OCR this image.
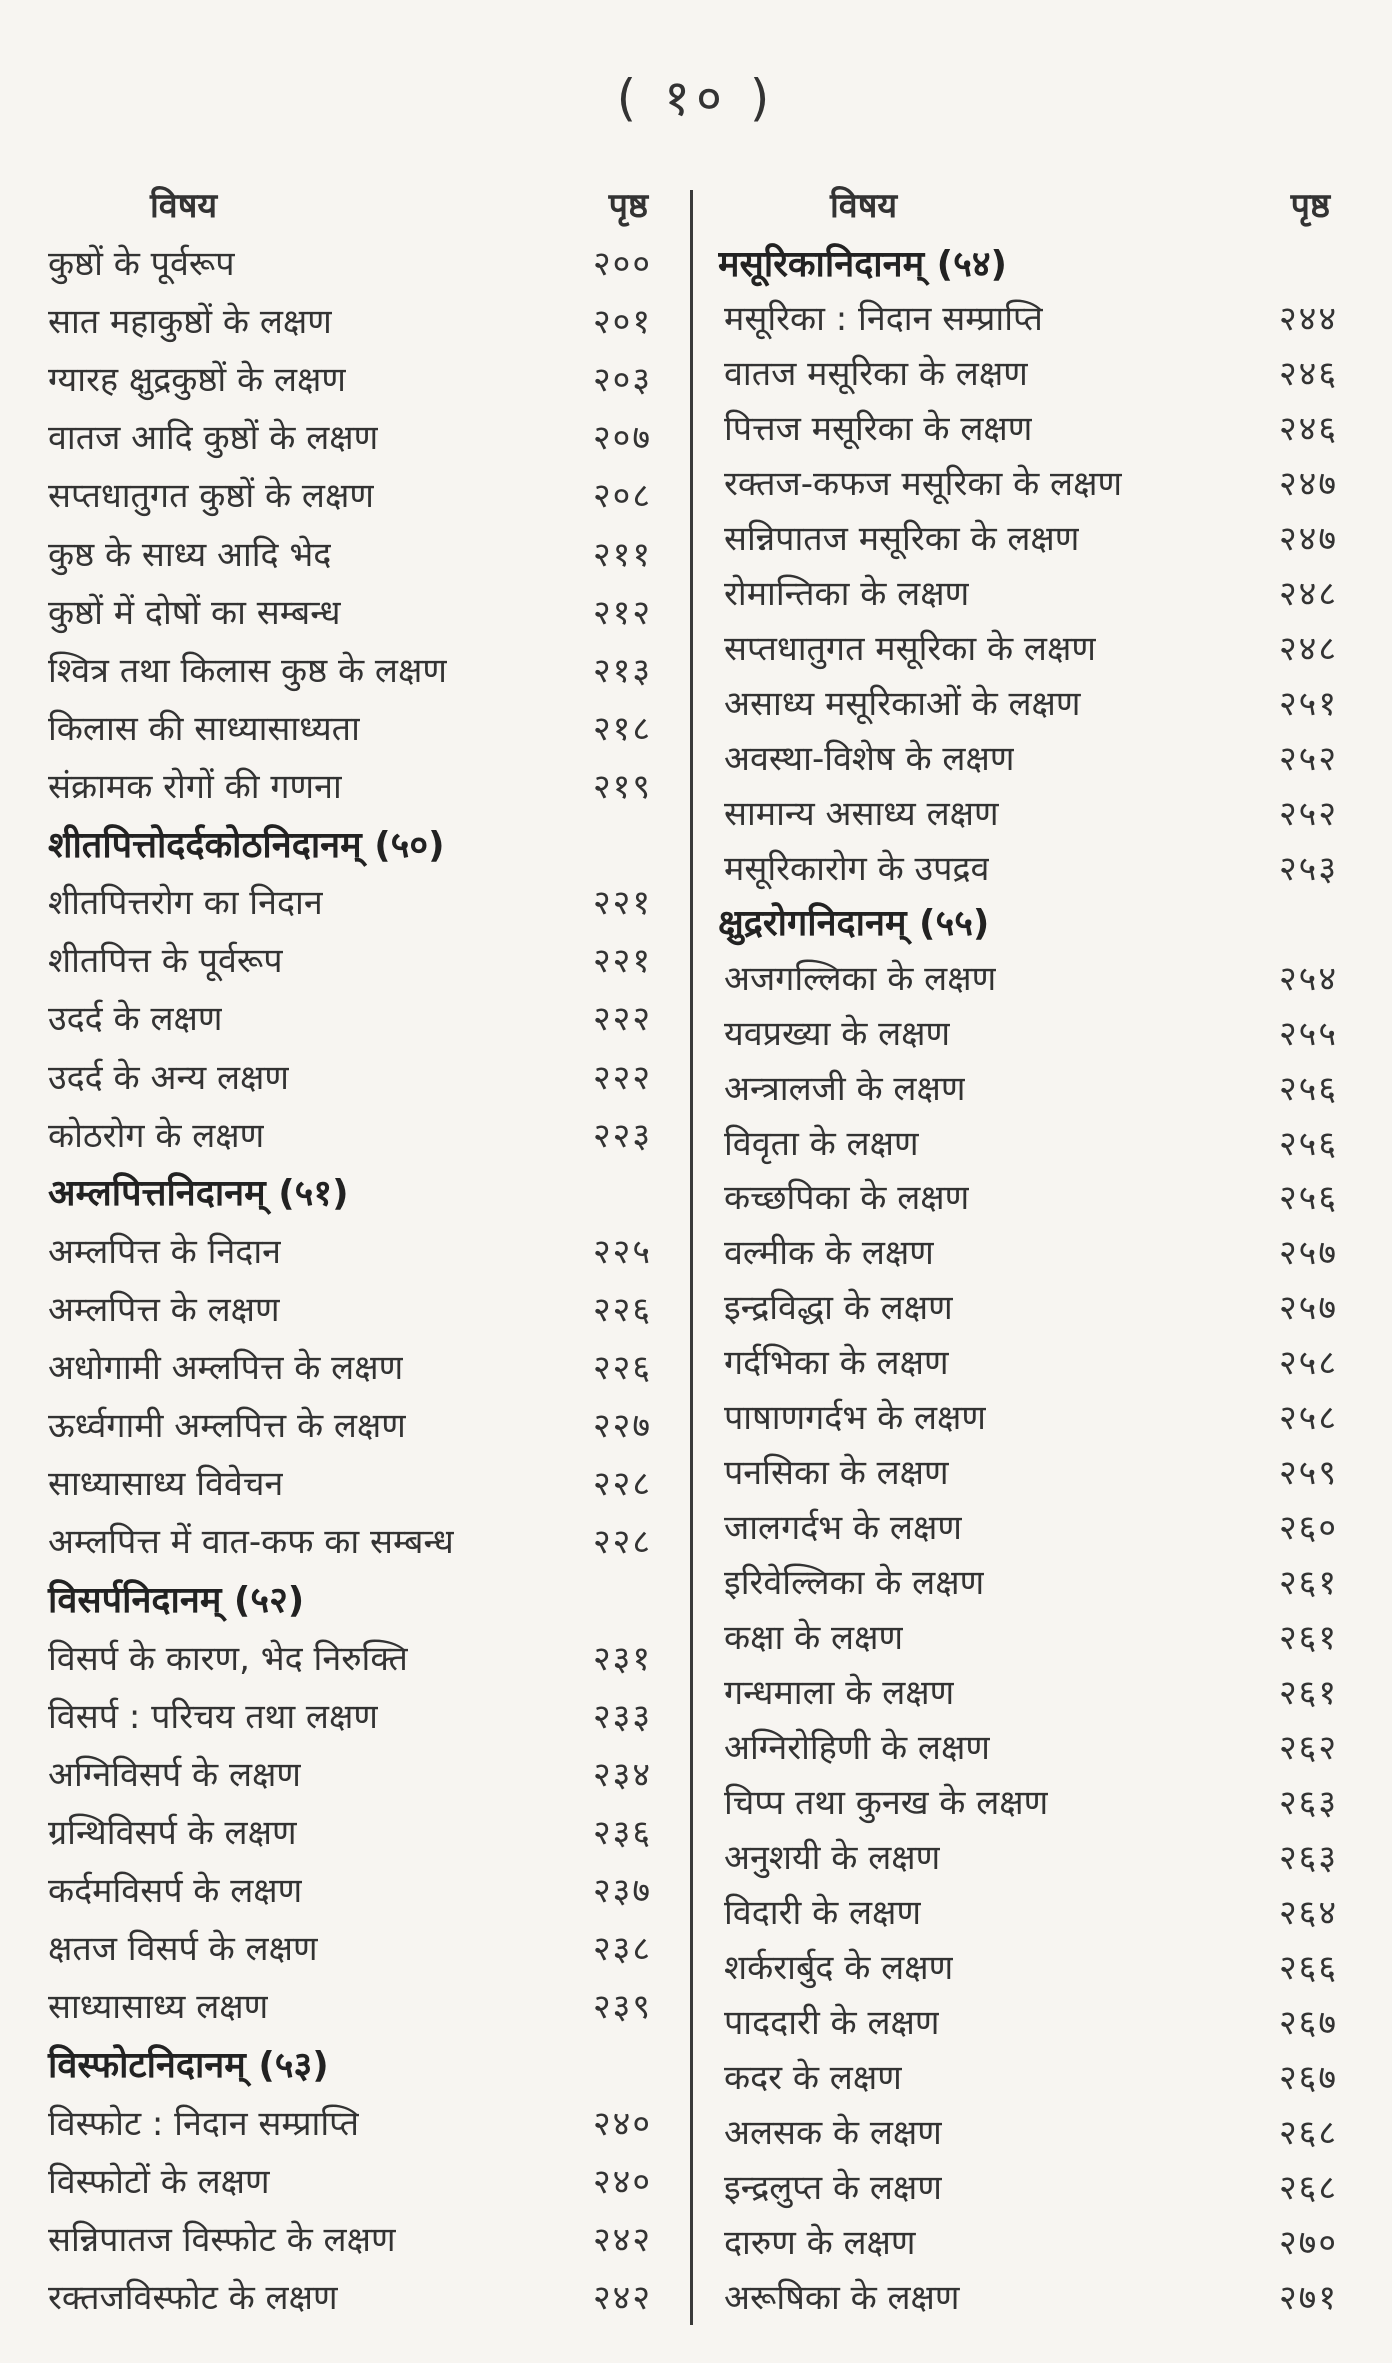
( १० )
विषय	पृष्ठ
कुष्ठों के पूर्वरूप	२००
सात महाकुष्ठों के लक्षण	२०१
ग्यारह क्षुद्रकुष्ठों के लक्षण	२०३
वातज आदि कुष्ठों के लक्षण	२०७
सप्तधातुगत कुष्ठों के लक्षण	२०८
कुष्ठ के साध्य आदि भेद	२११
कुष्ठों में दोषों का सम्बन्ध	२१२
श्वित्र तथा किलास कुष्ठ के लक्षण	२१३
किलास की साध्यासाध्यता	२१८
संक्रामक रोगों की गणना	२१९
शीतपित्तोदर्दकोठनिदानम् (५०)
शीतपित्तरोग का निदान	२२१
शीतपित्त के पूर्वरूप	२२१
उदर्द के लक्षण	२२२
उदर्द के अन्य लक्षण	२२२
कोठरोग के लक्षण	२२३
अम्लपित्तनिदानम् (५१)
अम्लपित्त के निदान	२२५
अम्लपित्त के लक्षण	२२६
अधोगामी अम्लपित्त के लक्षण	२२६
ऊर्ध्वगामी अम्लपित्त के लक्षण	२२७
साध्यासाध्य विवेचन	२२८
अम्लपित्त में वात-कफ का सम्बन्ध	२२८
विसर्पनिदानम् (५२)
विसर्प के कारण, भेद निरुक्ति	२३१
विसर्प : परिचय तथा लक्षण	२३३
अग्निविसर्प के लक्षण	२३४
ग्रन्थिविसर्प के लक्षण	२३६
कर्दमविसर्प के लक्षण	२३७
क्षतज विसर्प के लक्षण	२३८
साध्यासाध्य लक्षण	२३९
विस्फोटनिदानम् (५३)
विस्फोट : निदान सम्प्राप्ति	२४०
विस्फोटों के लक्षण	२४०
सन्निपातज विस्फोट के लक्षण	२४२
रक्तजविस्फोट के लक्षण	२४२
विषय	पृष्ठ
मसूरिकानिदानम् (५४)
मसूरिका : निदान सम्प्राप्ति	२४४
वातज मसूरिका के लक्षण	२४६
पित्तज मसूरिका के लक्षण	२४६
रक्तज-कफज मसूरिका के लक्षण	२४७
सन्निपातज मसूरिका के लक्षण	२४७
रोमान्तिका के लक्षण	२४८
सप्तधातुगत मसूरिका के लक्षण	२४८
असाध्य मसूरिकाओं के लक्षण	२५१
अवस्था-विशेष के लक्षण	२५२
सामान्य असाध्य लक्षण	२५२
मसूरिकारोग के उपद्रव	२५३
क्षुद्ररोगनिदानम् (५५)
अजगल्लिका के लक्षण	२५४
यवप्रख्या के लक्षण	२५५
अन्त्रालजी के लक्षण	२५६
विवृता के लक्षण	२५६
कच्छपिका के लक्षण	२५६
वल्मीक के लक्षण	२५७
इन्द्रविद्धा के लक्षण	२५७
गर्दभिका के लक्षण	२५८
पाषाणगर्दभ के लक्षण	२५८
पनसिका के लक्षण	२५९
जालगर्दभ के लक्षण	२६०
इरिवेल्लिका के लक्षण	२६१
कक्षा के लक्षण	२६१
गन्धमाला के लक्षण	२६१
अग्निरोहिणी के लक्षण	२६२
चिप्प तथा कुनख के लक्षण	२६३
अनुशयी के लक्षण	२६३
विदारी के लक्षण	२६४
शर्करार्बुद के लक्षण	२६६
पाददारी के लक्षण	२६७
कदर के लक्षण	२६७
अलसक के लक्षण	२६८
इन्द्रलुप्त के लक्षण	२६८
दारुण के लक्षण	२७०
अरूषिका के लक्षण	२७१
